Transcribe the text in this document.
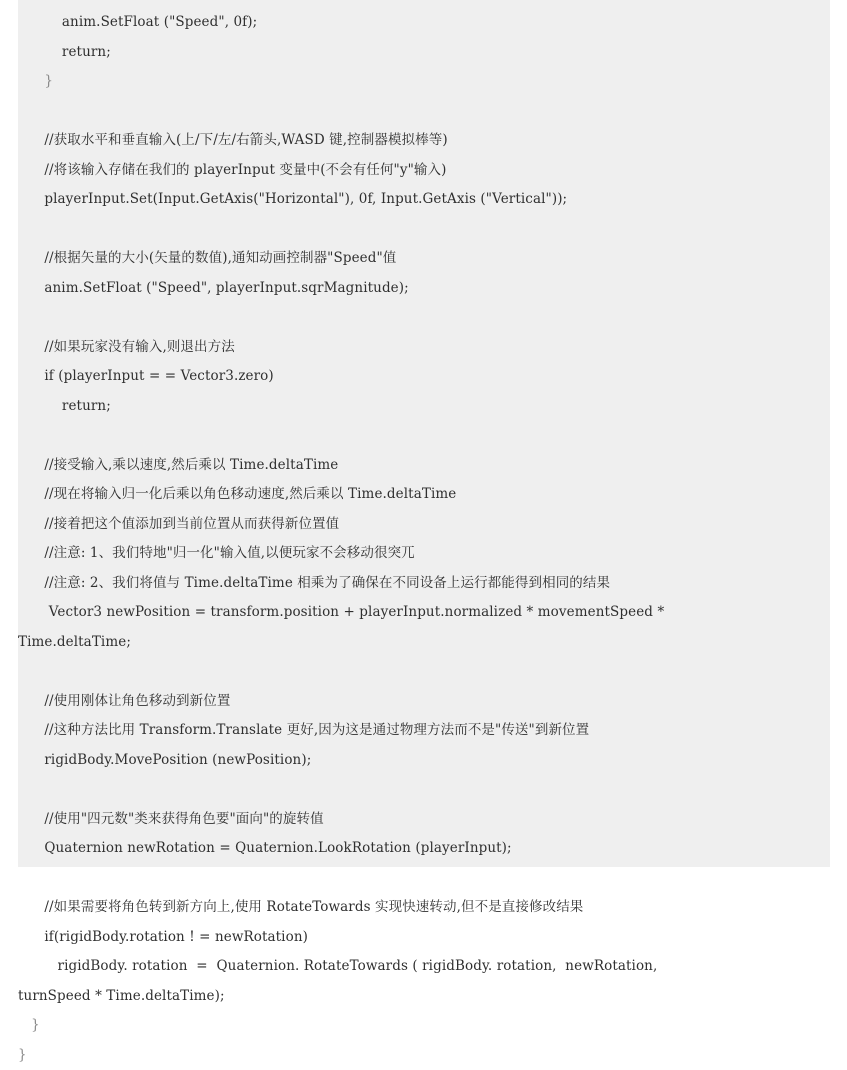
anim.SetFloat ("Speed", 0f);
return;
}
//获取水平和垂直输入(上/下/左/右箭头,WASD 键,控制器模拟棒等)
//将该输入存储在我们的 playerInput 变量中(不会有任何"y"输入)
playerInput.Set(Input.GetAxis("Horizontal"), 0f, Input.GetAxis ("Vertical"));
//根据矢量的大小(矢量的数值),通知动画控制器"Speed"值
anim.SetFloat ("Speed", playerInput.sqrMagnitude);
//如果玩家没有输入,则退出方法
if (playerInput = = Vector3.zero)
return;
//接受输入,乘以速度,然后乘以 Time.deltaTime
//现在将输入归一化后乘以角色移动速度,然后乘以 Time.deltaTime
//接着把这个值添加到当前位置从而获得新位置值
//注意: 1、我们特地"归一化"输入值,以便玩家不会移动很突兀
//注意: 2、我们将值与 Time.deltaTime 相乘为了确保在不同设备上运行都能得到相同的结果
Vector3 newPosition = transform.position + playerInput.normalized * movementSpeed *
Time.deltaTime;
//使用刚体让角色移动到新位置
//这种方法比用 Transform.Translate 更好,因为这是通过物理方法而不是"传送"到新位置
rigidBody.MovePosition (newPosition);
//使用"四元数"类来获得角色要"面向"的旋转值
Quaternion newRotation = Quaternion.LookRotation (playerInput);
//如果需要将角色转到新方向上,使用 RotateTowards 实现快速转动,但不是直接修改结果
if(rigidBody.rotation ! = newRotation)
rigidBody. rotation  =  Quaternion. RotateTowards ( rigidBody. rotation,  newRotation,
turnSpeed * Time.deltaTime);
}
}
